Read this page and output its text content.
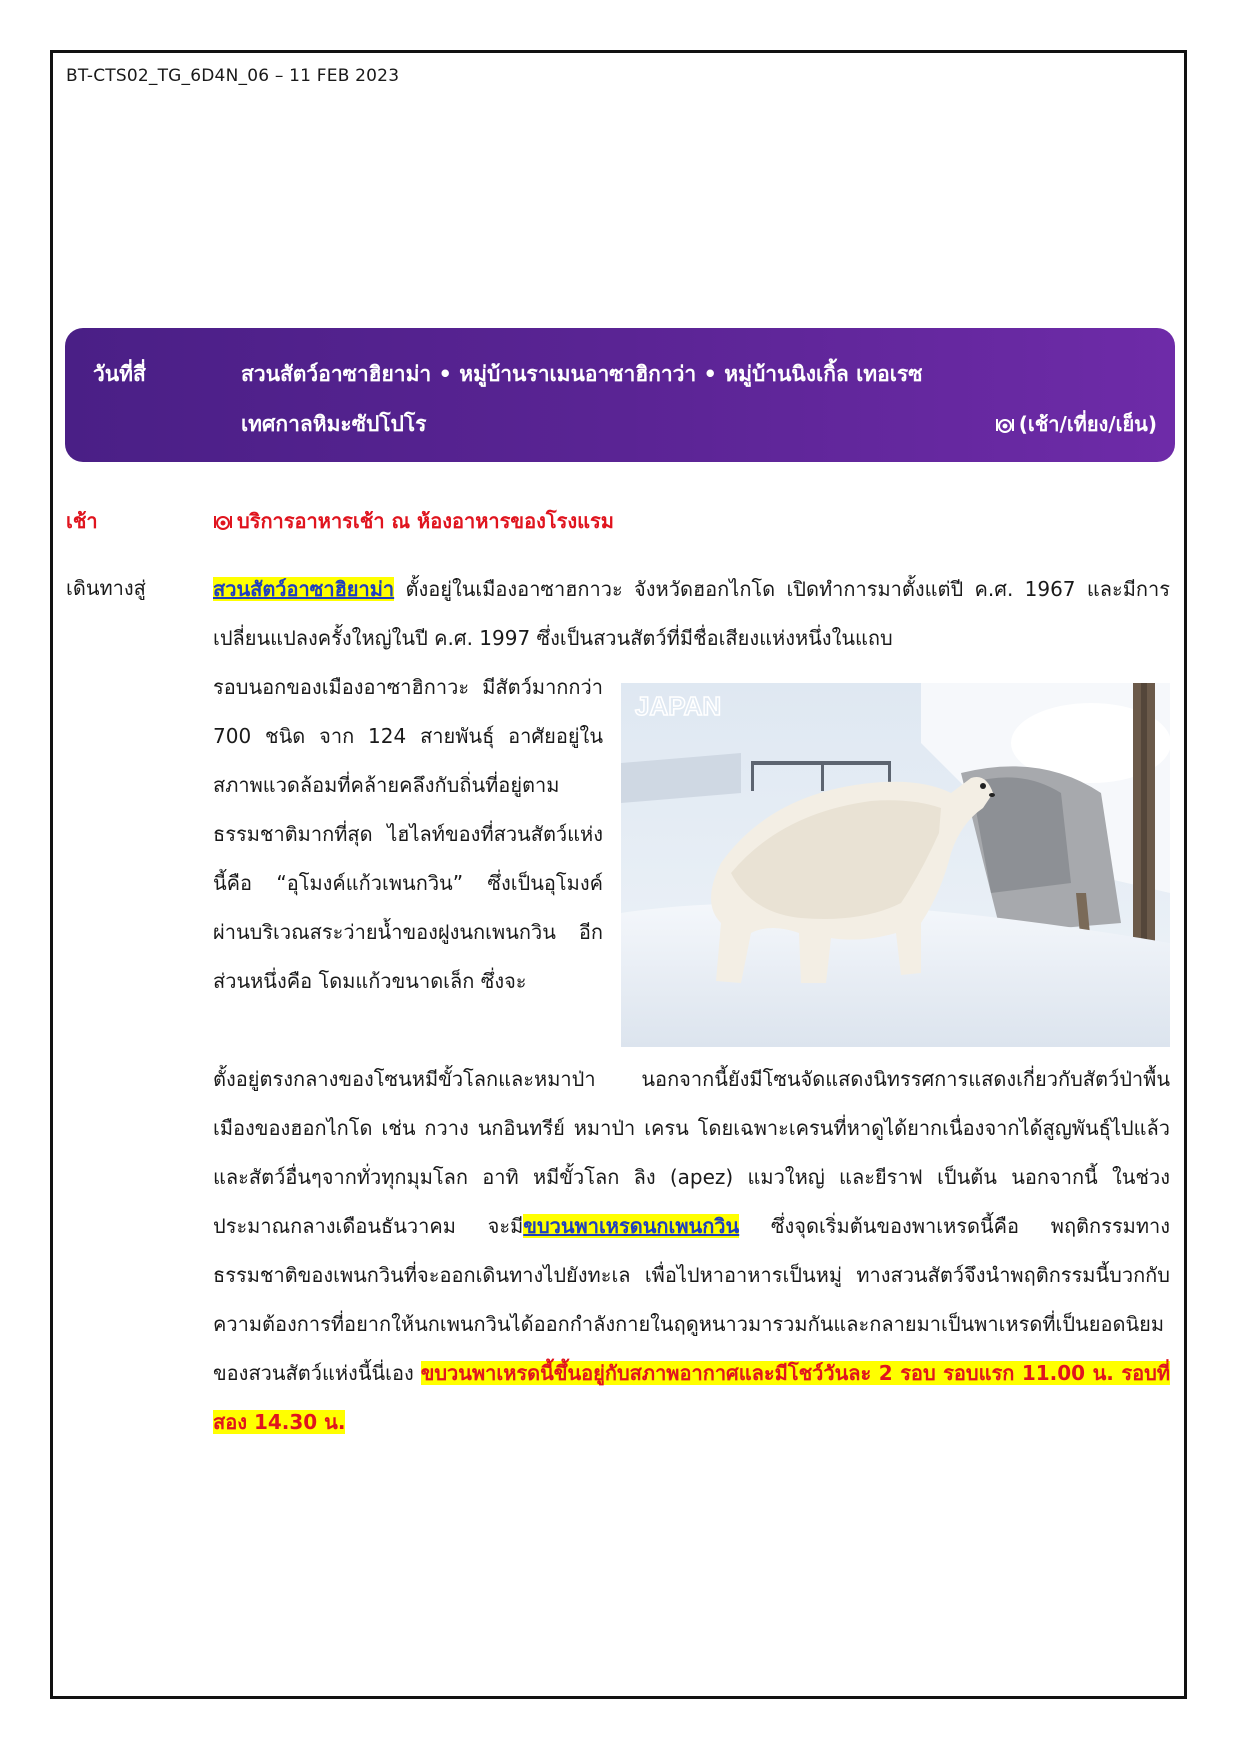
BT-CTS02_TG_6D4N_06 – 11 FEB 2023
วันที่สี่	สวนสัตว์อาซาฮิยาม่า • หมู่บ้านราเมนอาซาฮิกาว่า • หมู่บ้านนิงเกิ้ล เทอเรซ
เทศกาลหิมะซัปโปโร	(เช้า/เที่ยง/เย็น)
เช้า	บริการอาหารเช้า ณ ห้องอาหารของโรงแรม
เดินทางสู่	สวนสัตว์อาซาฮิยาม่า ตั้งอยู่ในเมืองอาซาฮกาวะ จังหวัดฮอกไกโด เปิดทำการมาตั้งแต่ปี ค.ศ. 1967 และมีการเปลี่ยนแปลงครั้งใหญ่ในปี ค.ศ. 1997 ซึ่งเป็นสวนสัตว์ที่มีชื่อเสียงแห่งหนึ่งในแถบ
รอบนอกของเมืองอาซาฮิกาวะ มีสัตว์มากกว่า 700 ชนิด จาก 124 สายพันธุ์ อาศัยอยู่ในสภาพแวดล้อมที่คล้ายคลึงกับถิ่นที่อยู่ตามธรรมชาติมากที่สุด ไฮไลท์ของที่สวนสัตว์แห่งนี้คือ “อุโมงค์แก้วเพนกวิน” ซึ่งเป็นอุโมงค์ผ่านบริเวณสระว่ายน้ำของฝูงนกเพนกวิน อีกส่วนหนึ่งคือ โดมแก้วขนาดเล็ก ซึ่งจะ
JAPAN
ตั้งอยู่ตรงกลางของโซนหมีขั้วโลกและหมาป่า นอกจากนี้ยังมีโซนจัดแสดงนิทรรศการแสดงเกี่ยวกับสัตว์ป่าพื้นเมืองของฮอกไกโด เช่น กวาง นกอินทรีย์ หมาป่า เครน โดยเฉพาะเครนที่หาดูได้ยากเนื่องจากได้สูญพันธุ์ไปแล้ว และสัตว์อื่นๆจากทั่วทุกมุมโลก อาทิ หมีขั้วโลก ลิง (apez) แมวใหญ่ และยีราฟ เป็นต้น นอกจากนี้ ในช่วงประมาณกลางเดือนธันวาคม จะมีขบวนพาเหรดนกเพนกวิน ซึ่งจุดเริ่มต้นของพาเหรดนี้คือ พฤติกรรมทางธรรมชาติของเพนกวินที่จะออกเดินทางไปยังทะเล เพื่อไปหาอาหารเป็นหมู่ ทางสวนสัตว์จึงนำพฤติกรรมนี้บวกกับความต้องการที่อยากให้นกเพนกวินได้ออกกำลังกายในฤดูหนาวมารวมกันและกลายมาเป็นพาเหรดที่เป็นยอดนิยมของสวนสัตว์แห่งนี้นี่เอง ขบวนพาเหรดนี้ขึ้นอยู่กับสภาพอากาศและมีโชว์วันละ 2 รอบ รอบแรก 11.00 น. รอบที่สอง 14.30 น.
